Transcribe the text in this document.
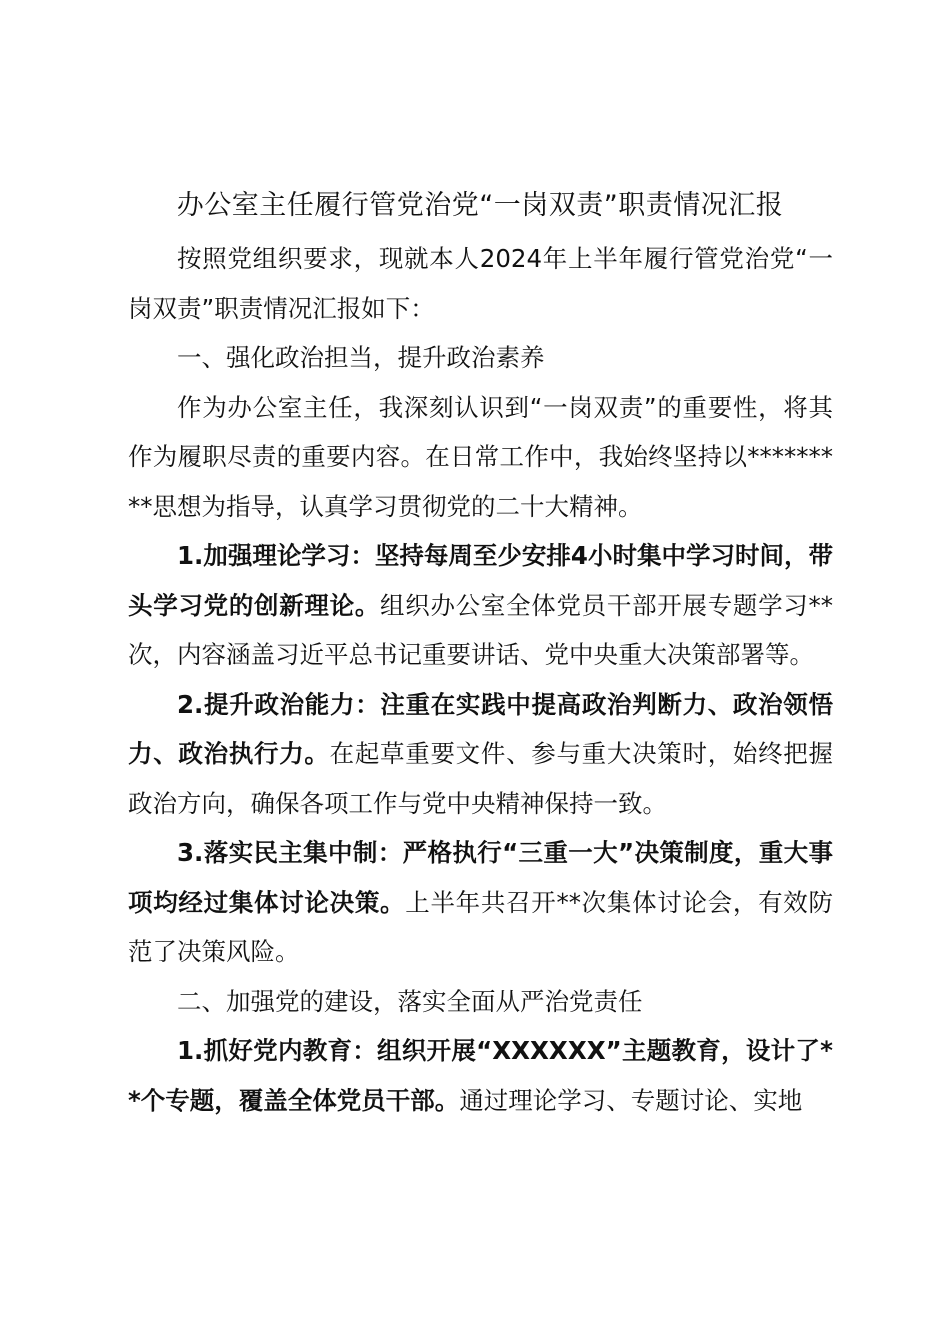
办公室主任履行管党治党“一岗双责”职责情况汇报

按照党组织要求，现就本人2024年上半年履行管党治党“一岗双责”职责情况汇报如下：

一、强化政治担当，提升政治素养

作为办公室主任，我深刻认识到“一岗双责”的重要性，将其作为履职尽责的重要内容。在日常工作中，我始终坚持以*********思想为指导，认真学习贯彻党的二十大精神。

1.加强理论学习：坚持每周至少安排4小时集中学习时间，带头学习党的创新理论。组织办公室全体党员干部开展专题学习**次，内容涵盖习近平总书记重要讲话、党中央重大决策部署等。

2.提升政治能力：注重在实践中提高政治判断力、政治领悟力、政治执行力。在起草重要文件、参与重大决策时，始终把握政治方向，确保各项工作与党中央精神保持一致。

3.落实民主集中制：严格执行“三重一大”决策制度，重大事项均经过集体讨论决策。上半年共召开**次集体讨论会，有效防范了决策风险。

二、加强党的建设，落实全面从严治党责任

1.抓好党内教育：组织开展“XXXXXX”主题教育，设计了**个专题，覆盖全体党员干部。通过理论学习、专题讨论、实地
